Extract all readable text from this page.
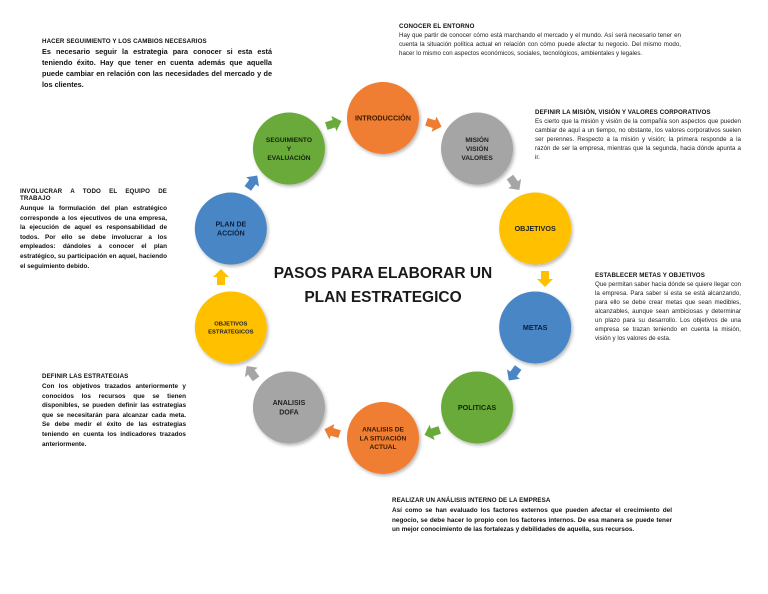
INTRODUCCIÓN
MISIÓN
VISIÓN
VALORES
OBJETIVOS
METAS
POLITICAS
ANALISIS DE
LA SITUACIÓN
ACTUAL
ANALISIS
DOFA
OBJETIVOS
ESTRATEGICOS
PLAN DE
ACCIÓN
SEGUIMIENTO
Y
EVALUACIÓN
PASOS PARA ELABORAR UN
PLAN ESTRATEGICO
HACER SEGUIMIENTO Y LOS CAMBIOS NECESARIOS

Es necesario seguir la estrategia para conocer si esta está teniendo éxito. Hay que tener en cuenta además que aquella puede cambiar en relación con las necesidades del mercado y de los clientes.

CONOCER EL ENTORNO

Hay que partir de conocer cómo está marchando el mercado y el mundo. Así será necesario tener en cuenta la situación política actual en relación con cómo puede afectar tu negocio. Del mismo modo, hacer lo mismo con aspectos económicos, sociales, tecnológicos, ambientales y legales.

DEFINIR LA MISIÓN, VISIÓN Y VALORES CORPORATIVOS

Es cierto que la misión y visión de la compañía son aspectos que pueden cambiar de aquí a un tiempo, no obstante, los valores corporativos suelen ser perennes. Respecto a la misión y visión; la primera responde a la razón de ser la empresa, mientras que la segunda, hacia dónde apunta a ir.

INVOLUCRAR A TODO EL EQUIPO DE TRABAJO

Aunque la formulación del plan estratégico corresponde a los ejecutivos de una empresa, la ejecución de aquel es responsabilidad de todos. Por ello se debe involucrar a los empleados: dándoles a conocer el plan estratégico, su participación en aquel, haciendo el seguimiento debido.

ESTABLECER METAS Y OBJETIVOS

Que permitan saber hacia dónde se quiere llegar con la empresa. Para saber si esta se está alcanzando, para ello se debe crear metas que sean medibles, alcanzables, aunque sean ambiciosas y determinar un plazo para su desarrollo. Los objetivos de una empresa se trazan teniendo en cuenta la misión, visión y los valores de esta.

DEFINIR LAS ESTRATEGIAS

Con los objetivos trazados anteriormente y conocidos los recursos que se tienen disponibles, se pueden definir las estrategias que se necesitarán para alcanzar cada meta. Se debe medir el éxito de las estrategias teniendo en cuenta los indicadores trazados anteriormente.

REALIZAR UN ANÁLISIS INTERNO DE LA EMPRESA

Así como se han evaluado los factores externos que pueden afectar el crecimiento del negocio, se debe hacer lo propio con los factores internos. De esa manera se puede tener un mejor conocimiento de las fortalezas y debilidades de aquella, sus recursos.
